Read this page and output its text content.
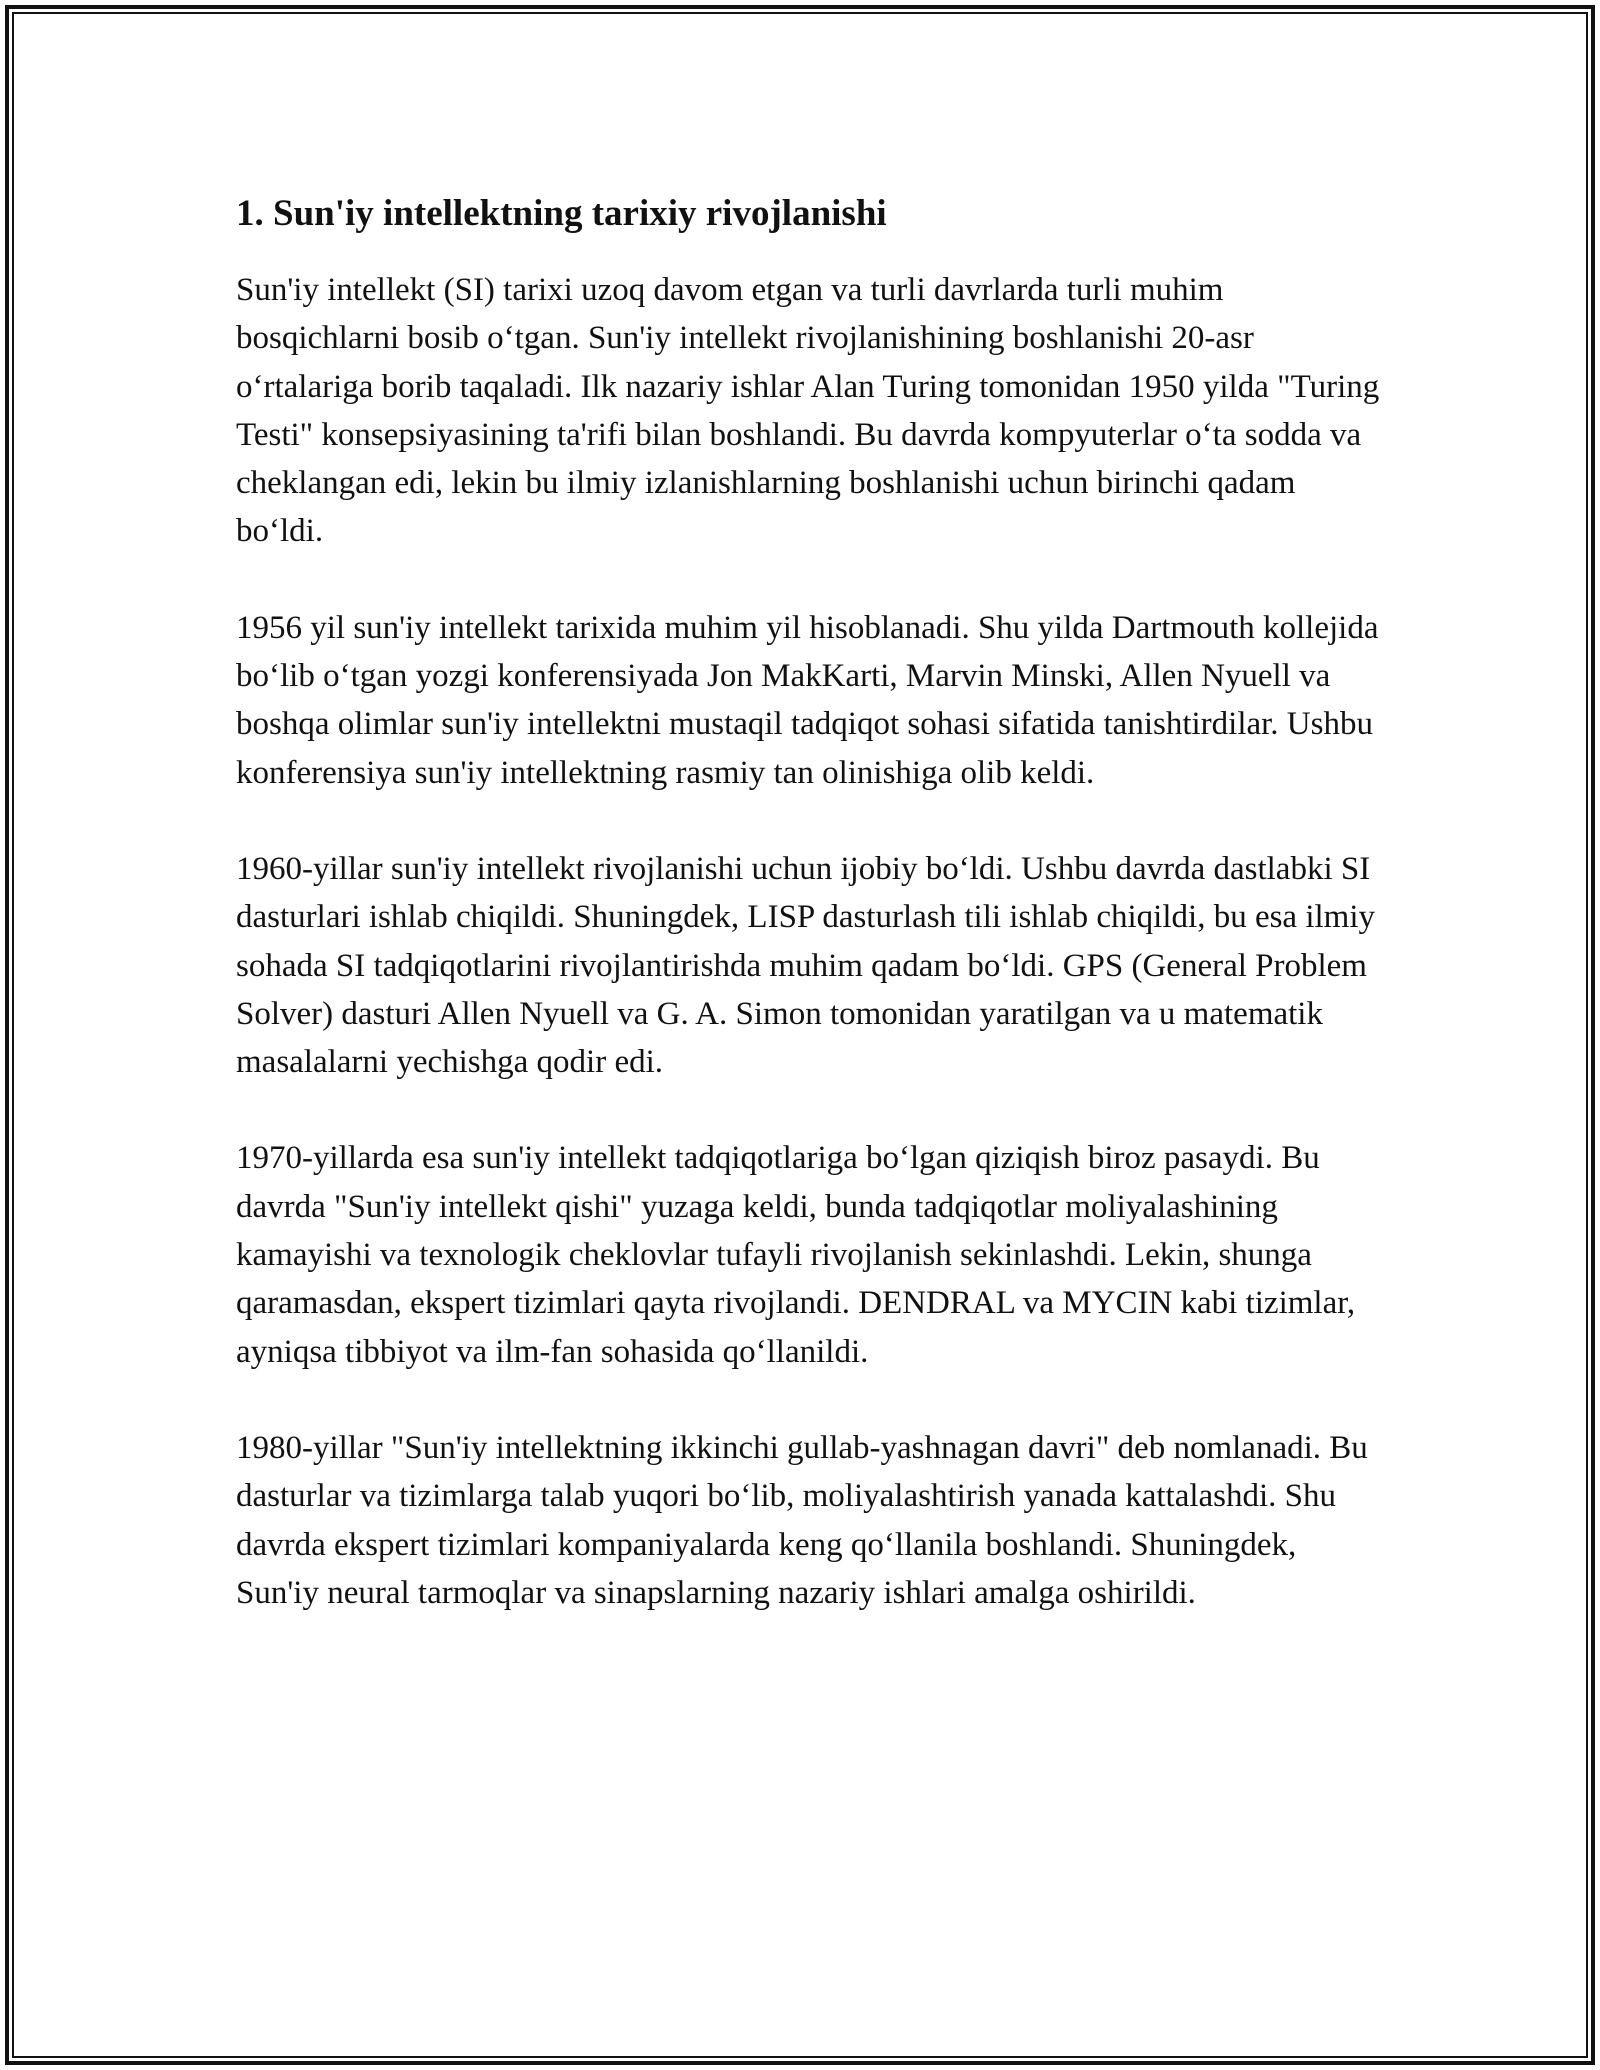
1. Sun'iy intellektning tarixiy rivojlanishi

Sun'iy intellekt (SI) tarixi uzoq davom etgan va turli davrlarda turli muhim bosqichlarni bosib o‘tgan. Sun'iy intellekt rivojlanishining boshlanishi 20-asr o‘rtalariga borib taqaladi. Ilk nazariy ishlar Alan Turing tomonidan 1950 yilda "Turing Testi" konsepsiyasining ta'rifi bilan boshlandi. Bu davrda kompyuterlar o‘ta sodda va cheklangan edi, lekin bu ilmiy izlanishlarning boshlanishi uchun birinchi qadam bo‘ldi.

1956 yil sun'iy intellekt tarixida muhim yil hisoblanadi. Shu yilda Dartmouth kollejida bo‘lib o‘tgan yozgi konferensiyada Jon MakKarti, Marvin Minski, Allen Nyuell va boshqa olimlar sun'iy intellektni mustaqil tadqiqot sohasi sifatida tanishtirdilar. Ushbu konferensiya sun'iy intellektning rasmiy tan olinishiga olib keldi.

1960-yillar sun'iy intellekt rivojlanishi uchun ijobiy bo‘ldi. Ushbu davrda dastlabki SI dasturlari ishlab chiqildi. Shuningdek, LISP dasturlash tili ishlab chiqildi, bu esa ilmiy sohada SI tadqiqotlarini rivojlantirishda muhim qadam bo‘ldi. GPS (General Problem Solver) dasturi Allen Nyuell va G. A. Simon tomonidan yaratilgan va u matematik masalalarni yechishga qodir edi.

1970-yillarda esa sun'iy intellekt tadqiqotlariga bo‘lgan qiziqish biroz pasaydi. Bu davrda "Sun'iy intellekt qishi" yuzaga keldi, bunda tadqiqotlar moliyalashining kamayishi va texnologik cheklovlar tufayli rivojlanish sekinlashdi. Lekin, shunga qaramasdan, ekspert tizimlari qayta rivojlandi. DENDRAL va MYCIN kabi tizimlar, ayniqsa tibbiyot va ilm-fan sohasida qo‘llanildi.

1980-yillar "Sun'iy intellektning ikkinchi gullab-yashnagan davri" deb nomlanadi. Bu dasturlar va tizimlarga talab yuqori bo‘lib, moliyalashtirish yanada kattalashdi. Shu davrda ekspert tizimlari kompaniyalarda keng qo‘llanila boshlandi. Shuningdek, Sun'iy neural tarmoqlar va sinapslarning nazariy ishlari amalga oshirildi.
